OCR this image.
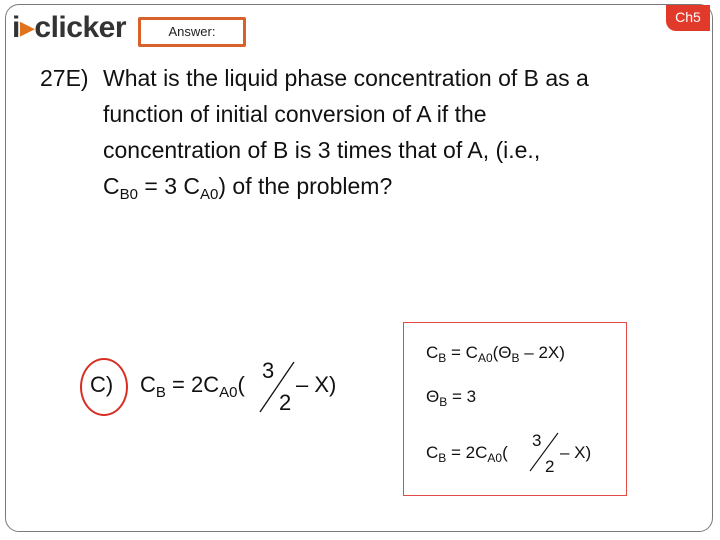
i▸clicker	Answer:
Ch5
27E) What is the liquid phase concentration of B as a
function of initial conversion of A if the
concentration of B is 3 times that of A, (i.e.,
$C_{B0} = 3$ $C_{A0}$) of the problem?
C) $C_B = 2C_{A0}$(
3
2
– X)
$C_B = C_{A0}(\Theta_B - 2X)$
$\Theta_B = 3$
$C_B = 2C_{A0}$(
3
2
– X)
